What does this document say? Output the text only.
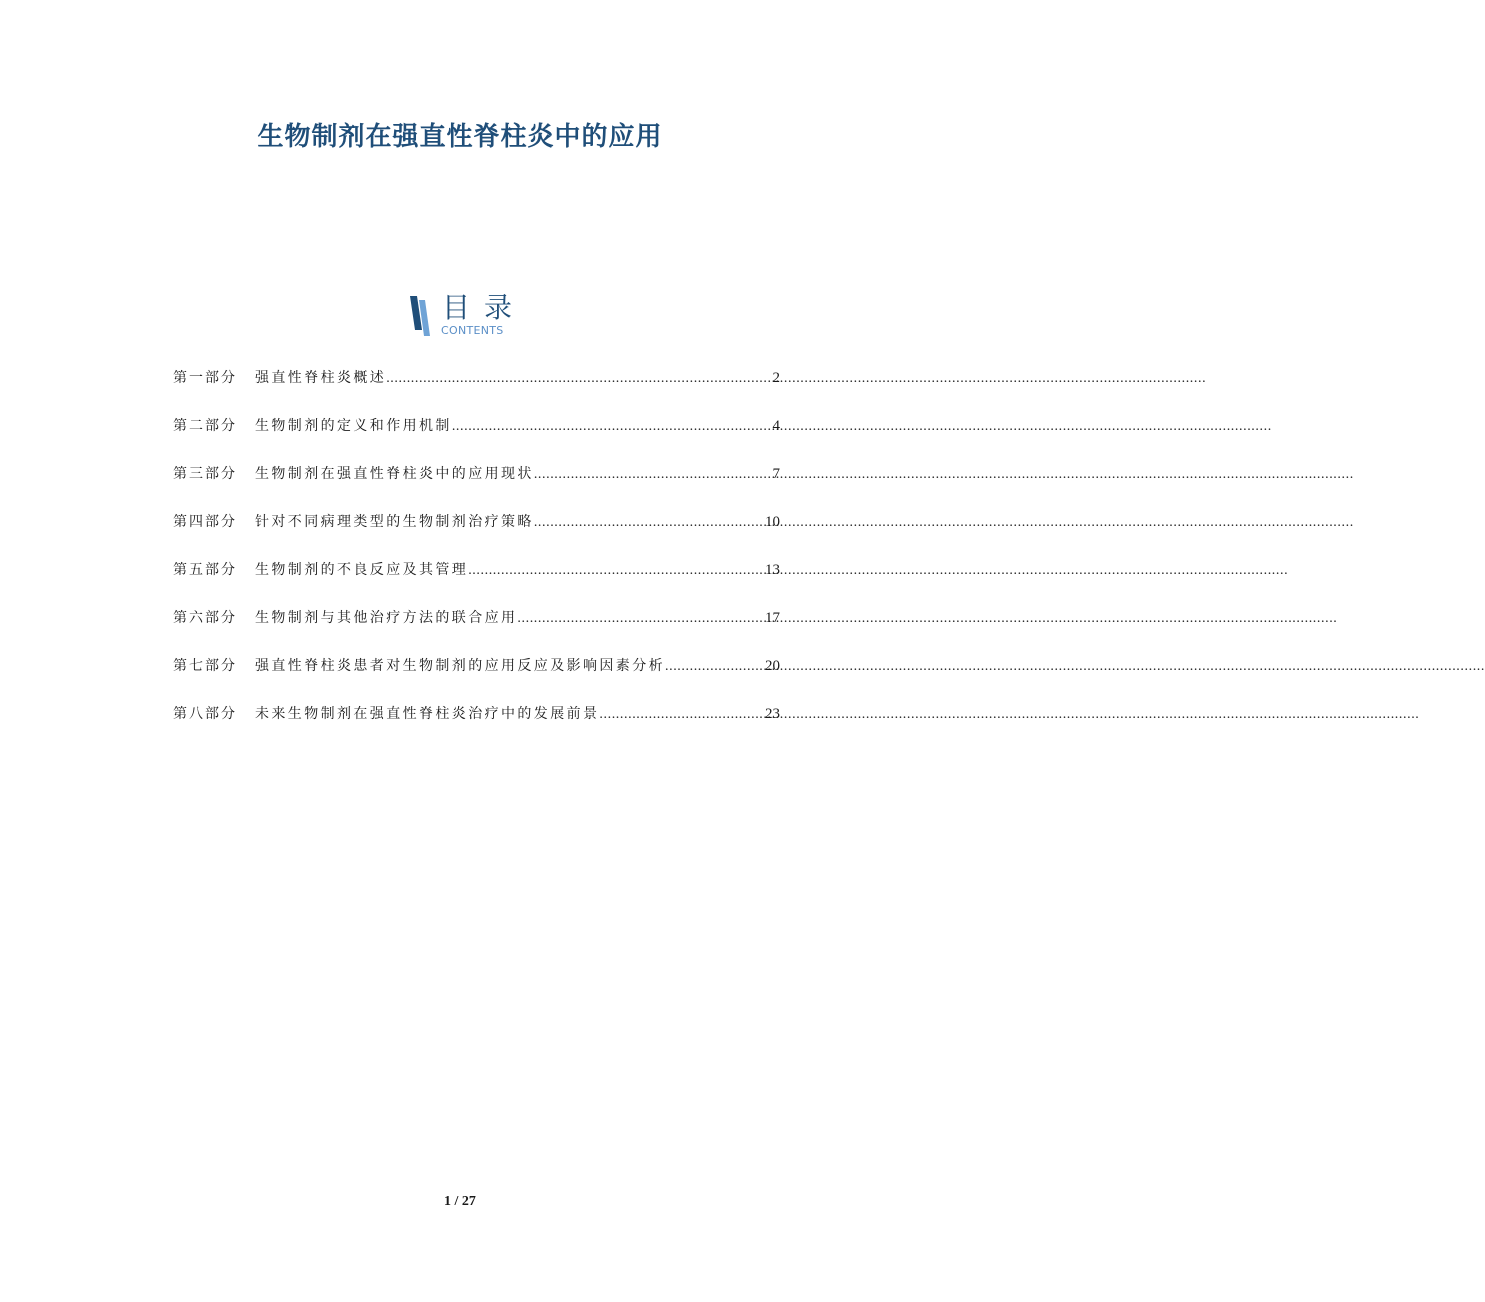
生物制剂在强直性脊柱炎中的应用
目录
CONTENTS
第一部分	强直性脊柱炎概述 .....	2
第二部分	生物制剂的定义和作用机制 .....	4
第三部分	生物制剂在强直性脊柱炎中的应用现状 .....	7
第四部分	针对不同病理类型的生物制剂治疗策略 .....	10
第五部分	生物制剂的不良反应及其管理 .....	13
第六部分	生物制剂与其他治疗方法的联合应用 .....	17
第七部分	强直性脊柱炎患者对生物制剂的应用反应及影响因素分析 .....	20
第八部分	未来生物制剂在强直性脊柱炎治疗中的发展前景 .....	23
1 / 27
